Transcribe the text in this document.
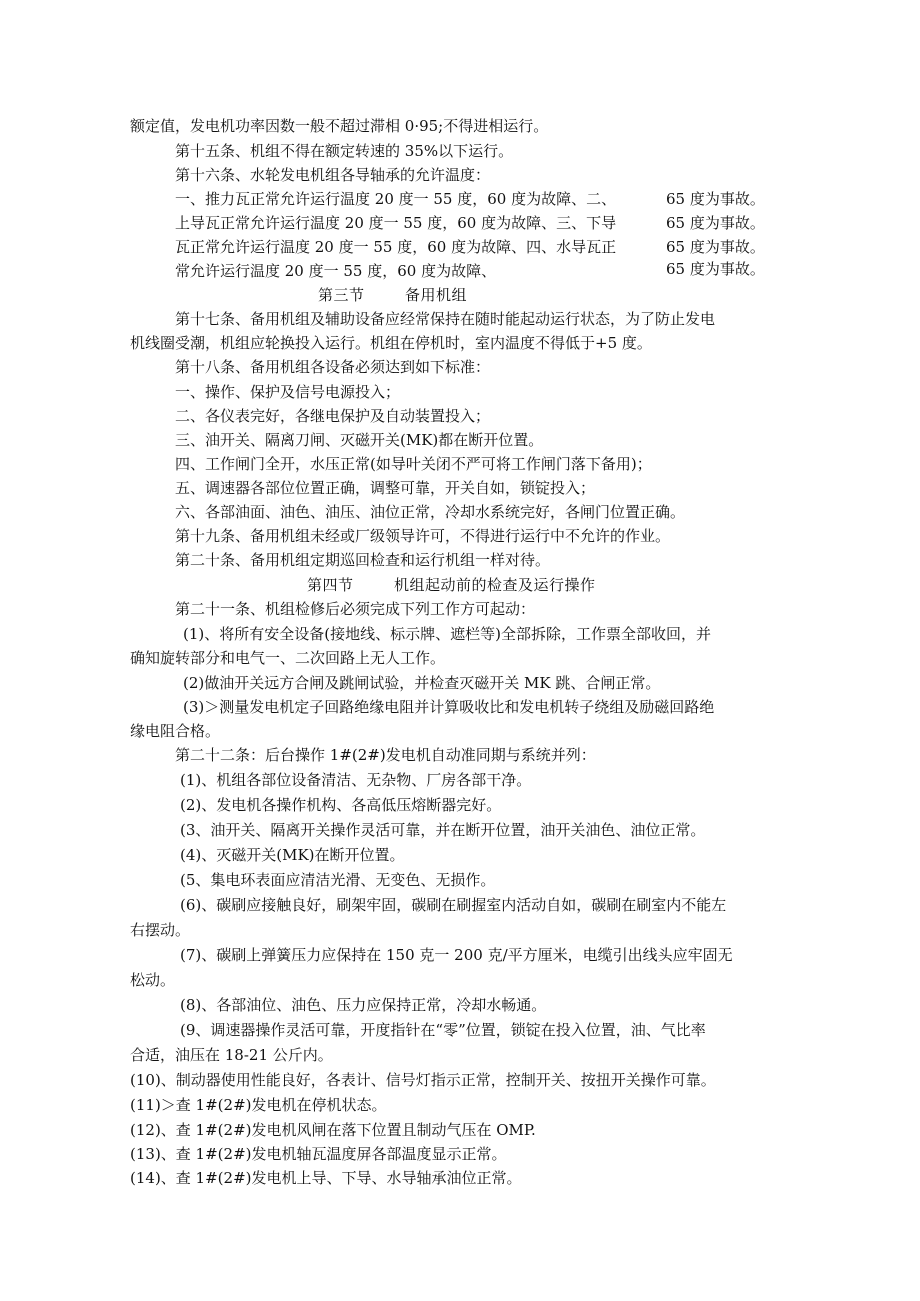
额定值，发电机功率因数一般不超过滞相 0·95;不得进相运行。
第十五条、机组不得在额定转速的 35%以下运行。
第十六条、水轮发电机组各导轴承的允许温度：
一、推力瓦正常允许运行温度 20 度一 55 度，60 度为故障、二、
上导瓦正常允许运行温度 20 度一 55 度，60 度为故障、三、下导
瓦正常允许运行温度 20 度一 55 度，60 度为故障、四、水导瓦正
常允许运行温度 20 度一 55 度，60 度为故障、
65 度为事故。
65 度为事故。
65 度为事故。
65 度为事故。
第三节	备用机组
第十七条、备用机组及辅助设备应经常保持在随时能起动运行状态，为了防止发电
机线圈受潮，机组应轮换投入运行。机组在停机时，室内温度不得低于+5 度。
第十八条、备用机组各设备必须达到如下标准：
一、操作、保护及信号电源投入；
二、各仪表完好，各继电保护及自动装置投入；
三、油开关、隔离刀闸、灭磁开关(MK)都在断开位置。
四、工作闸门全开，水压正常(如导叶关闭不严可将工作闸门落下备用)；
五、调速器各部位位置正确，调整可靠，开关自如，锁锭投入；
六、各部油面、油色、油压、油位正常，冷却水系统完好，各闸门位置正确。
第十九条、备用机组未经或厂级领导许可，不得进行运行中不允许的作业。
第二十条、备用机组定期巡回检查和运行机组一样对待。
第四节	机组起动前的检查及运行操作
第二十一条、机组检修后必须完成下列工作方可起动：
(1)、将所有安全设备(接地线、标示牌、遮栏等)全部拆除，工作票全部收回，并
确知旋转部分和电气一、二次回路上无人工作。
(2)做油开关远方合闸及跳闸试验，并检查灭磁开关 MK 跳、合闸正常。
(3)＞测量发电机定子回路绝缘电阻并计算吸收比和发电机转子绕组及励磁回路绝
缘电阻合格。
第二十二条：后台操作 1#(2#)发电机自动准同期与系统并列：
(1)、机组各部位设备清洁、无杂物、厂房各部干净。
(2)、发电机各操作机构、各高低压熔断器完好。
(3、油开关、隔离开关操作灵活可靠，并在断开位置，油开关油色、油位正常。
(4)、灭磁开关(MK)在断开位置。
(5、集电环表面应清洁光滑、无变色、无损作。
(6)、碳刷应接触良好，刷架牢固，碳刷在刷握室内活动自如，碳刷在刷室内不能左
右摆动。
(7)、碳刷上弹簧压力应保持在 150 克一 200 克/平方厘米，电缆引出线头应牢固无
松动。
(8)、各部油位、油色、压力应保持正常，冷却水畅通。
(9、调速器操作灵活可靠，开度指针在“零”位置，锁锭在投入位置，油、气比率
合适，油压在 18-21 公斤内。
(10)、制动器使用性能良好，各表计、信号灯指示正常，控制开关、按扭开关操作可靠。
(11)＞查 1#(2#)发电机在停机状态。
(12)、查 1#(2#)发电机风闸在落下位置且制动气压在 OMP.
(13)、查 1#(2#)发电机轴瓦温度屏各部温度显示正常。
(14)、查 1#(2#)发电机上导、下导、水导轴承油位正常。
